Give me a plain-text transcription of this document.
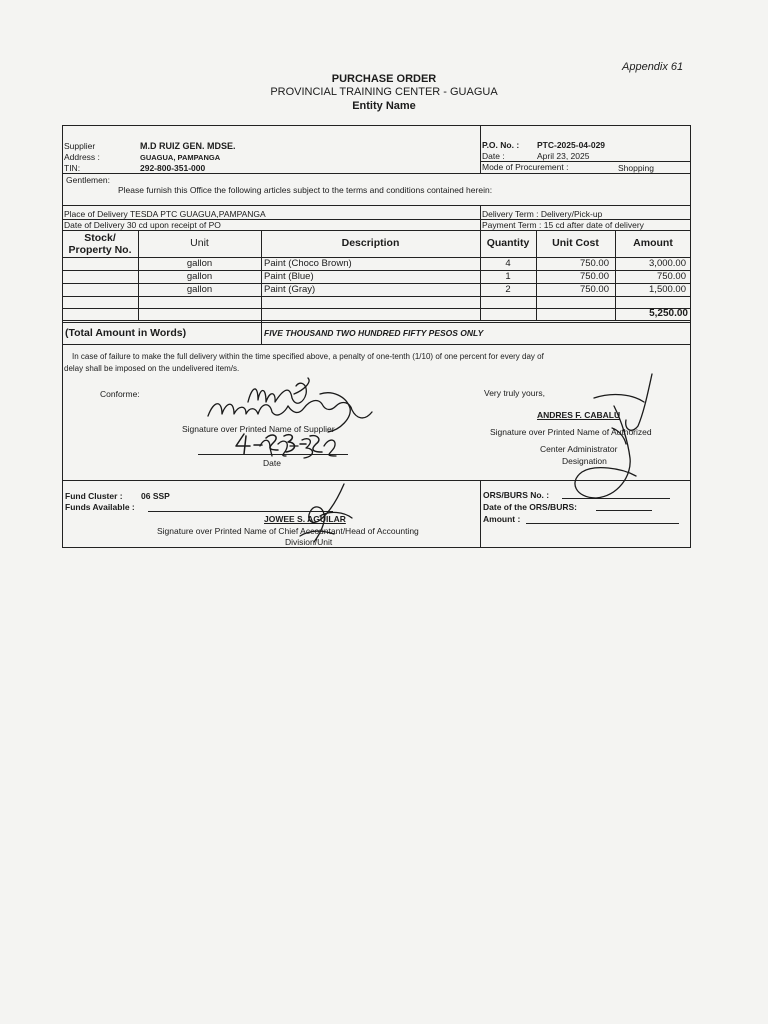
Appendix 61
PURCHASE ORDER
PROVINCIAL TRAINING CENTER - GUAGUA
Entity Name
Supplier	M.D RUIZ GEN. MDSE.
Address :	GUAGUA, PAMPANGA
TIN:	292-800-351-000
P.O. No. : PTC-2025-04-029
Date :	April 23, 2025
Mode of Procurement :	Shopping
Gentlemen:
Please furnish this Office the following articles subject to the terms and conditions contained herein:
Place of Delivery TESDA PTC GUAGUA,PAMPANGA
Date of Delivery 30 cd upon receipt of PO
Delivery Term : Delivery/Pick-up
Payment Term : 15 cd after date of delivery
Stock/
Property No.
Unit	Description	Quantity	Unit Cost	Amount
gallon	Paint (Choco Brown)	4	750.00	3,000.00
gallon	Paint (Blue)	1	750.00	750.00
gallon	Paint (Gray)	2	750.00	1,500.00
5,250.00
(Total Amount in Words)	FIVE THOUSAND TWO HUNDRED FIFTY PESOS ONLY
In case of failure to make the full delivery within the time specified above, a penalty of one-tenth (1/10) of one percent for every day of
delay shall be imposed on the undelivered item/s.
Conforme:
Signature over Printed Name of Supplier
Date
Very truly yours,
ANDRES F. CABALU
Signature over Printed Name of Authorized
Center Administrator
Designation
Fund Cluster : 06 SSP
Funds Available :
JOWEE S. AGUILAR
Signature over Printed Name of Chief Accountant/Head of Accounting
Division/Unit
ORS/BURS No. :
Date of the ORS/BURS:
Amount :
